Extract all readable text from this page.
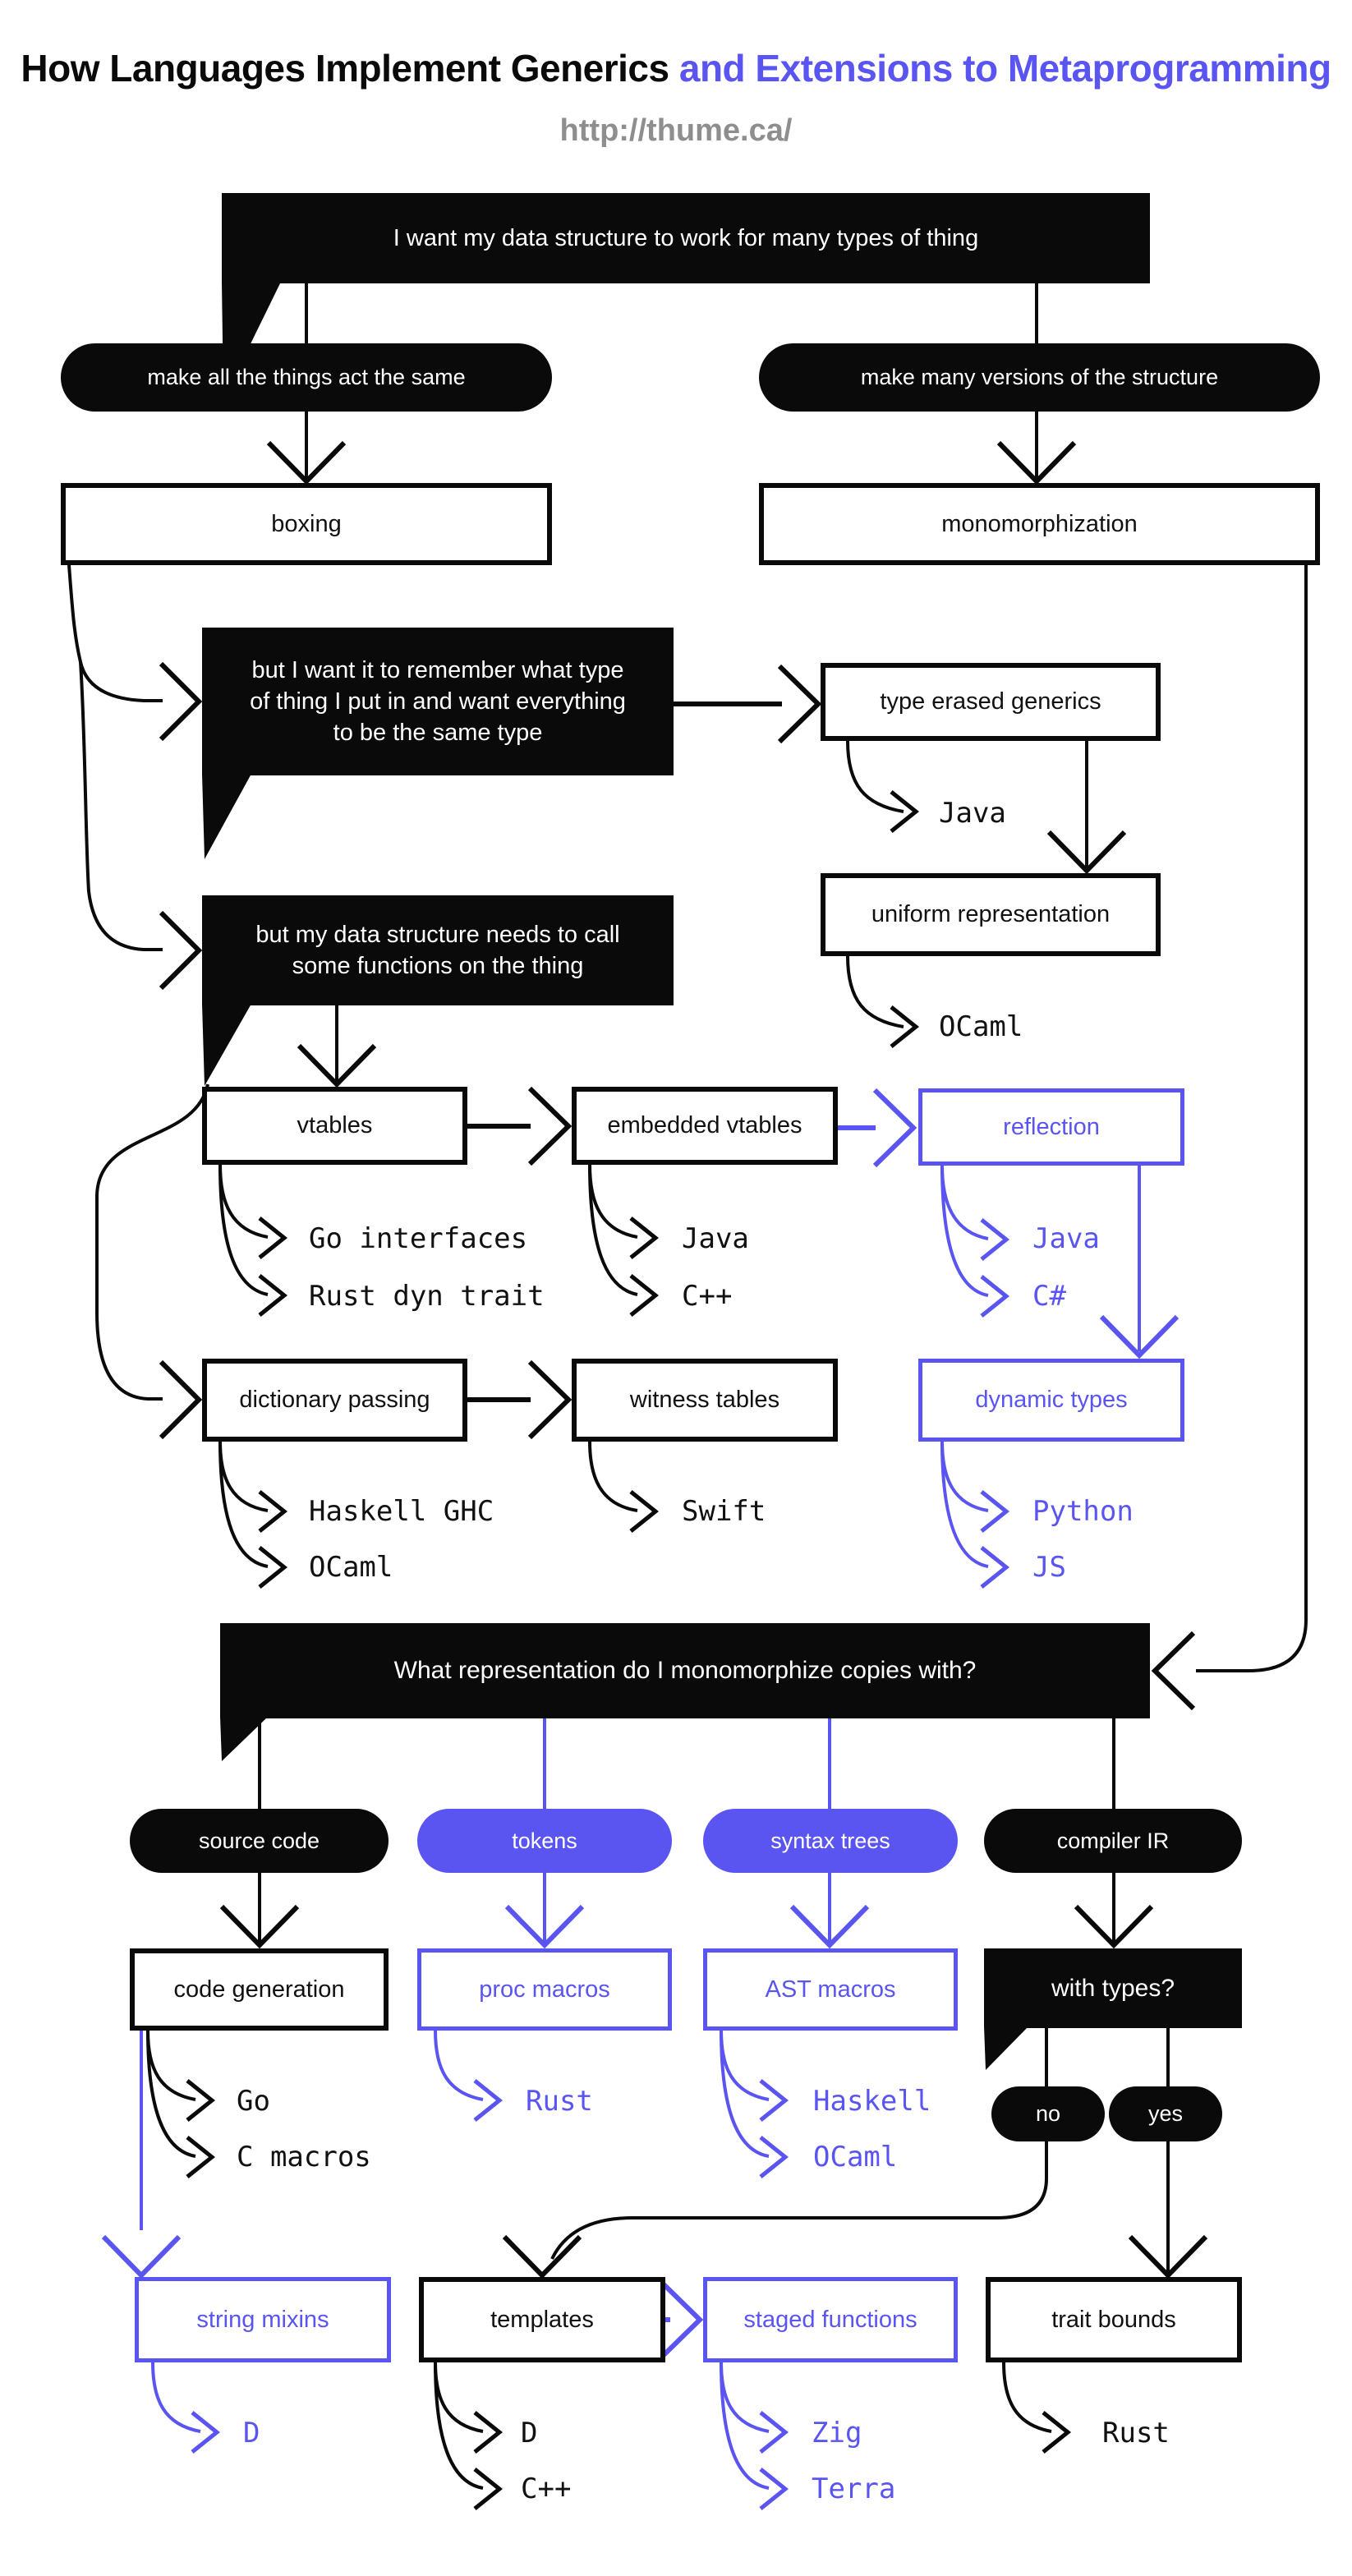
How Languages Implement Generics and Extensions to Metaprogramming
http://thume.ca/
I want my data structure to work for many types of thing
make all the things act the same	make many versions of the structure
boxing	monomorphization
but I want it to remember what type of thing I put in and want everything to be the same type
type erased generics
uniform representation
but my data structure needs to call some functions on the thing
vtables	embedded vtables	reflection
dictionary passing	witness tables	dynamic types
What representation do I monomorphize copies with?
source code	tokens	syntax trees	compiler IR
code generation	proc macros	AST macros	with types?
no	yes
string mixins	templates	staged functions	trait bounds
Java
OCaml
Go interfaces
Rust dyn trait
Java
C++
Java
C#
Haskell GHC
OCaml
Swift	Python
JS
Go
C macros
Rust	Haskell
OCaml
D	D
C++
Zig
Terra
Rust
